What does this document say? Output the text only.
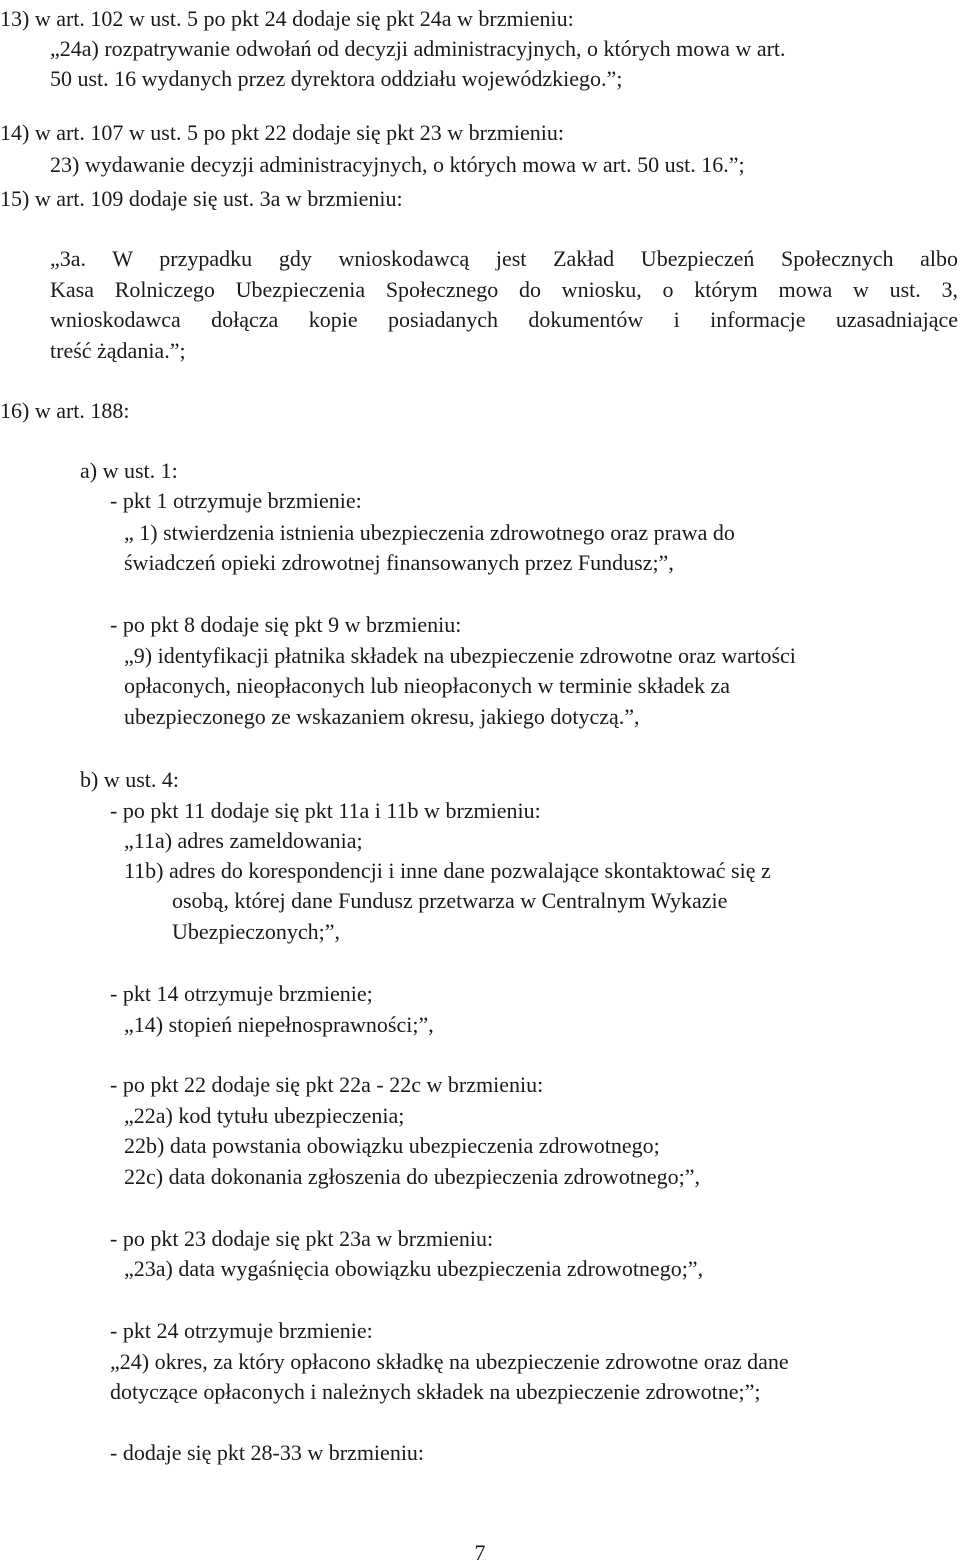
13) w art. 102 w ust. 5 po pkt 24 dodaje się pkt 24a w brzmieniu:
„24a) rozpatrywanie odwołań od decyzji administracyjnych, o których mowa w art.
50 ust. 16 wydanych przez dyrektora oddziału wojewódzkiego.”;
14) w art. 107 w ust. 5 po pkt 22 dodaje się pkt 23 w brzmieniu:
23) wydawanie decyzji administracyjnych, o których mowa w art. 50 ust. 16.”;
15) w art. 109 dodaje się ust. 3a w brzmieniu:
„3a. W przypadku gdy wnioskodawcą jest Zakład Ubezpieczeń Społecznych albo
Kasa Rolniczego Ubezpieczenia Społecznego do wniosku, o którym mowa w ust. 3,
wnioskodawca dołącza kopie posiadanych dokumentów i informacje uzasadniające
treść żądania.”;
16) w art. 188:
a) w ust. 1:
- pkt 1 otrzymuje brzmienie:
„ 1) stwierdzenia istnienia ubezpieczenia zdrowotnego oraz prawa do
świadczeń opieki zdrowotnej finansowanych przez Fundusz;”,
- po pkt 8 dodaje się pkt 9 w brzmieniu:
„9) identyfikacji płatnika składek na ubezpieczenie zdrowotne oraz wartości
opłaconych, nieopłaconych lub nieopłaconych w terminie składek za
ubezpieczonego ze wskazaniem okresu, jakiego dotyczą.”,
b) w ust. 4:
- po pkt 11 dodaje się pkt 11a i 11b w brzmieniu:
„11a) adres zameldowania;
11b) adres do korespondencji i inne dane pozwalające skontaktować się z
osobą, której dane Fundusz przetwarza w Centralnym Wykazie
Ubezpieczonych;”,
- pkt 14 otrzymuje brzmienie;
„14) stopień niepełnosprawności;”,
- po pkt 22 dodaje się pkt 22a - 22c w brzmieniu:
„22a) kod tytułu ubezpieczenia;
22b) data powstania obowiązku ubezpieczenia zdrowotnego;
22c) data dokonania zgłoszenia do ubezpieczenia zdrowotnego;”,
- po pkt 23 dodaje się pkt 23a w brzmieniu:
„23a) data wygaśnięcia obowiązku ubezpieczenia zdrowotnego;”,
- pkt 24 otrzymuje brzmienie:
„24) okres, za który opłacono składkę na ubezpieczenie zdrowotne oraz dane
dotyczące opłaconych i należnych składek na ubezpieczenie zdrowotne;”;
- dodaje się pkt 28-33 w brzmieniu:
7
